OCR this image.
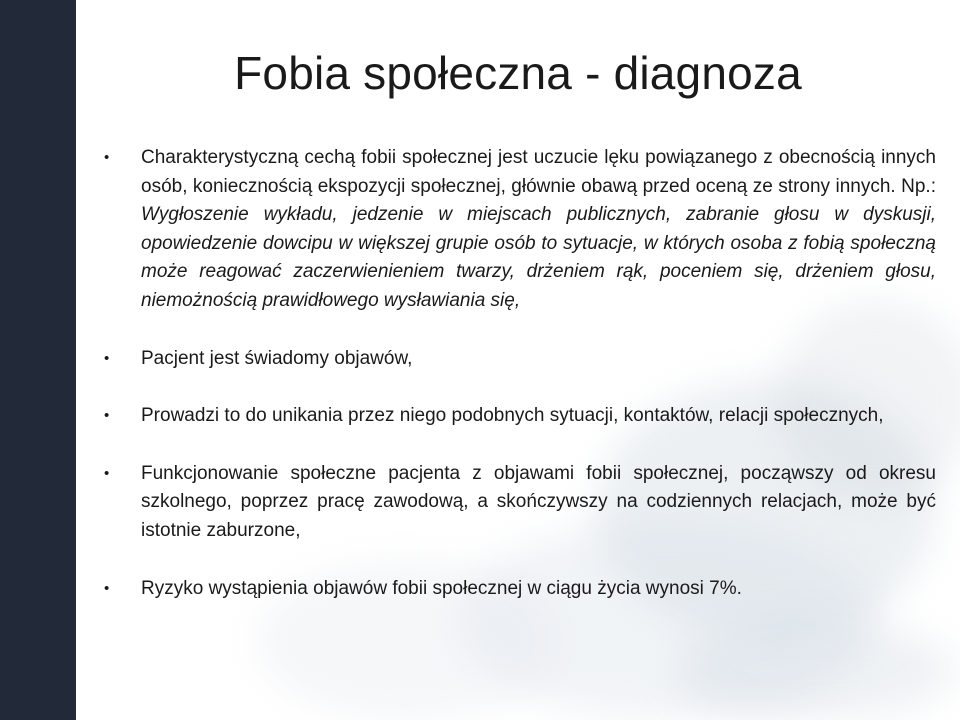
Fobia społeczna - diagnoza
• Charakterystyczną cechą fobii społecznej jest uczucie lęku powiązanego z obecnością innych osób, koniecznością ekspozycji społecznej, głównie obawą przed oceną ze strony innych. Np.: Wygłoszenie wykładu, jedzenie w miejscach publicznych, zabranie głosu w dyskusji, opowiedzenie dowcipu w większej grupie osób to sytuacje, w których osoba z fobią społeczną może reagować zaczerwienieniem twarzy, drżeniem rąk, poceniem się, drżeniem głosu, niemożnością prawidłowego wysławiania się,
• Pacjent jest świadomy objawów,
• Prowadzi to do unikania przez niego podobnych sytuacji, kontaktów, relacji społecznych,
• Funkcjonowanie społeczne pacjenta z objawami fobii społecznej, począwszy od okresu szkolnego, poprzez pracę zawodową, a skończywszy na codziennych relacjach, może być istotnie zaburzone,
• Ryzyko wystąpienia objawów fobii społecznej w ciągu życia wynosi 7%.
